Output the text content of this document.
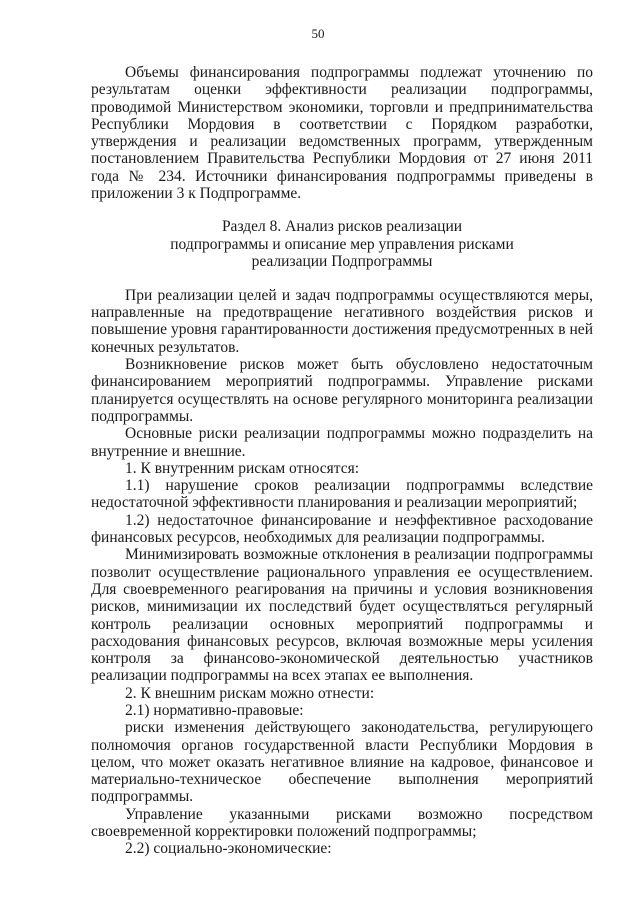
50

Объемы финансирования подпрограммы подлежат уточнению по результатам оценки эффективности реализации подпрограммы, проводимой Министерством экономики, торговли и предпринимательства Республики Мордовия в соответствии с Порядком разработки, утверждения и реализации ведомственных программ, утвержденным постановлением Правительства Республики Мордовия от 27 июня 2011 года № 234. Источники финансирования подпрограммы приведены в приложении 3 к Подпрограмме.

Раздел 8. Анализ рисков реализации
подпрограммы и описание мер управления рисками
реализации Подпрограммы

При реализации целей и задач подпрограммы осуществляются меры, направленные на предотвращение негативного воздействия рисков и повышение уровня гарантированности достижения предусмотренных в ней конечных результатов.

Возникновение рисков может быть обусловлено недостаточным финансированием мероприятий подпрограммы. Управление рисками планируется осуществлять на основе регулярного мониторинга реализации подпрограммы.

Основные риски реализации подпрограммы можно подразделить на внутренние и внешние.

1. К внутренним рискам относятся:

1.1) нарушение сроков реализации подпрограммы вследствие недостаточной эффективности планирования и реализации мероприятий;

1.2) недостаточное финансирование и неэффективное расходование финансовых ресурсов, необходимых для реализации подпрограммы.

Минимизировать возможные отклонения в реализации подпрограммы позволит осуществление рационального управления ее осуществлением. Для своевременного реагирования на причины и условия возникновения рисков, минимизации их последствий будет осуществляться регулярный контроль реализации основных мероприятий подпрограммы и расходования финансовых ресурсов, включая возможные меры усиления контроля за финансово-экономической деятельностью участников реализации подпрограммы на всех этапах ее выполнения.

2. К внешним рискам можно отнести:

2.1) нормативно-правовые:

риски изменения действующего законодательства, регулирующего полномочия органов государственной власти Республики Мордовия в целом, что может оказать негативное влияние на кадровое, финансовое и материально-техническое обеспечение выполнения мероприятий подпрограммы.

Управление указанными рисками возможно посредством своевременной корректировки положений подпрограммы;

2.2) социально-экономические:
